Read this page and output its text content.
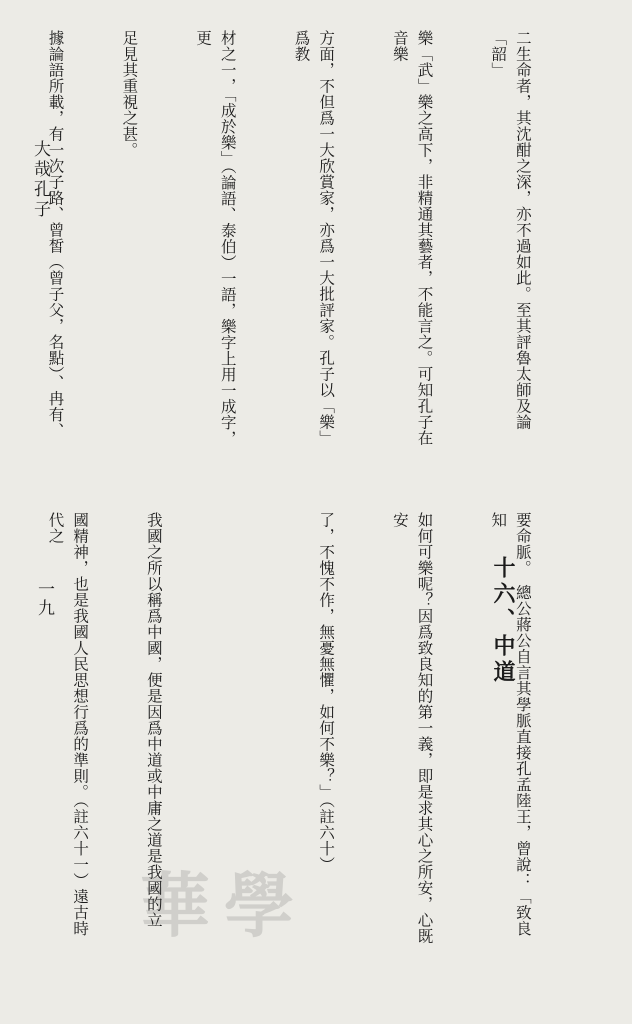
大哉孔子

	二生命者，其沈酣之深，亦不過如此。至其評魯太師及論「韶」

樂「武」樂之高下，非精通其藝者，不能言之。可知孔子在音樂

方面，不但爲一大欣賞家，亦爲一大批評家。孔子以「樂」爲教

材之一，「成於樂」（論語、泰伯）一語，樂字上用一成字，更

足見其重視之甚。

據論語所載，有一次子路、曾皙（曾子父，名點）、冉有、

十六、中道

要命脈。　總公蔣公自言其學脈直接孔孟陸王，曾說：「致良知

如何可樂呢？因爲致良知的第一義，即是求其心之所安，心既安

了，不愧不作，無憂無懼，如何不樂？」（註六十）

我國之所以稱爲中國，便是因爲中道或中庸之道是我國的立

國精神，也是我國人民思想行爲的準則。（註六十一）遠古時代之

一九
華學
